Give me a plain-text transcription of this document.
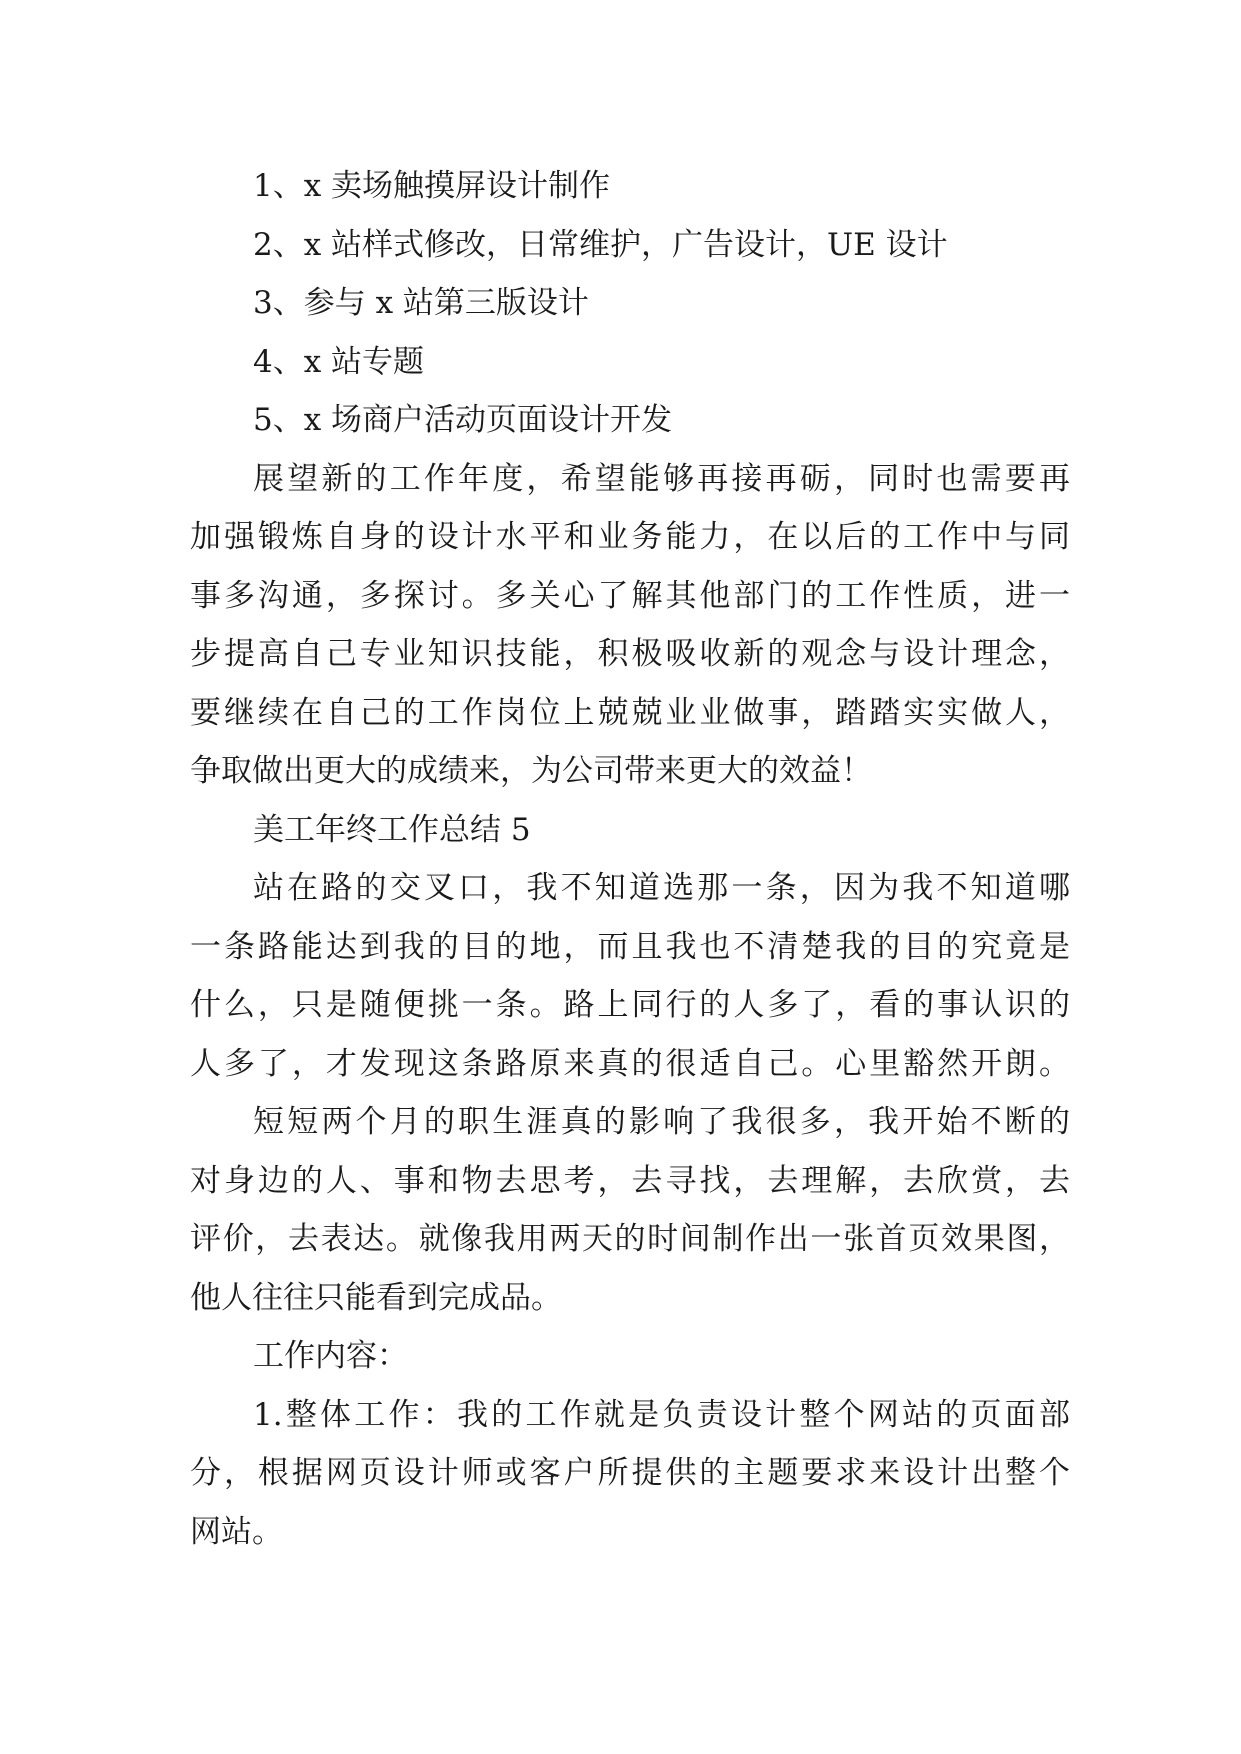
1、x 卖场触摸屏设计制作
2、x 站样式修改，日常维护，广告设计，UE 设计
3、参与 x 站第三版设计
4、x 站专题
5、x 场商户活动页面设计开发
展望新的工作年度，希望能够再接再砺，同时也需要再
加强锻炼自身的设计水平和业务能力，在以后的工作中与同
事多沟通，多探讨。多关心了解其他部门的工作性质，进一
步提高自己专业知识技能，积极吸收新的观念与设计理念，
要继续在自己的工作岗位上兢兢业业做事，踏踏实实做人，
争取做出更大的成绩来，为公司带来更大的效益！
美工年终工作总结 5
站在路的交叉口，我不知道选那一条，因为我不知道哪
一条路能达到我的目的地，而且我也不清楚我的目的究竟是
什么，只是随便挑一条。路上同行的人多了，看的事认识的
人多了，才发现这条路原来真的很适自己。心里豁然开朗。
短短两个月的职生涯真的影响了我很多，我开始不断的
对身边的人、事和物去思考，去寻找，去理解，去欣赏，去
评价，去表达。就像我用两天的时间制作出一张首页效果图，
他人往往只能看到完成品。
工作内容：
1.整体工作：我的工作就是负责设计整个网站的页面部
分，根据网页设计师或客户所提供的主题要求来设计出整个
网站。
